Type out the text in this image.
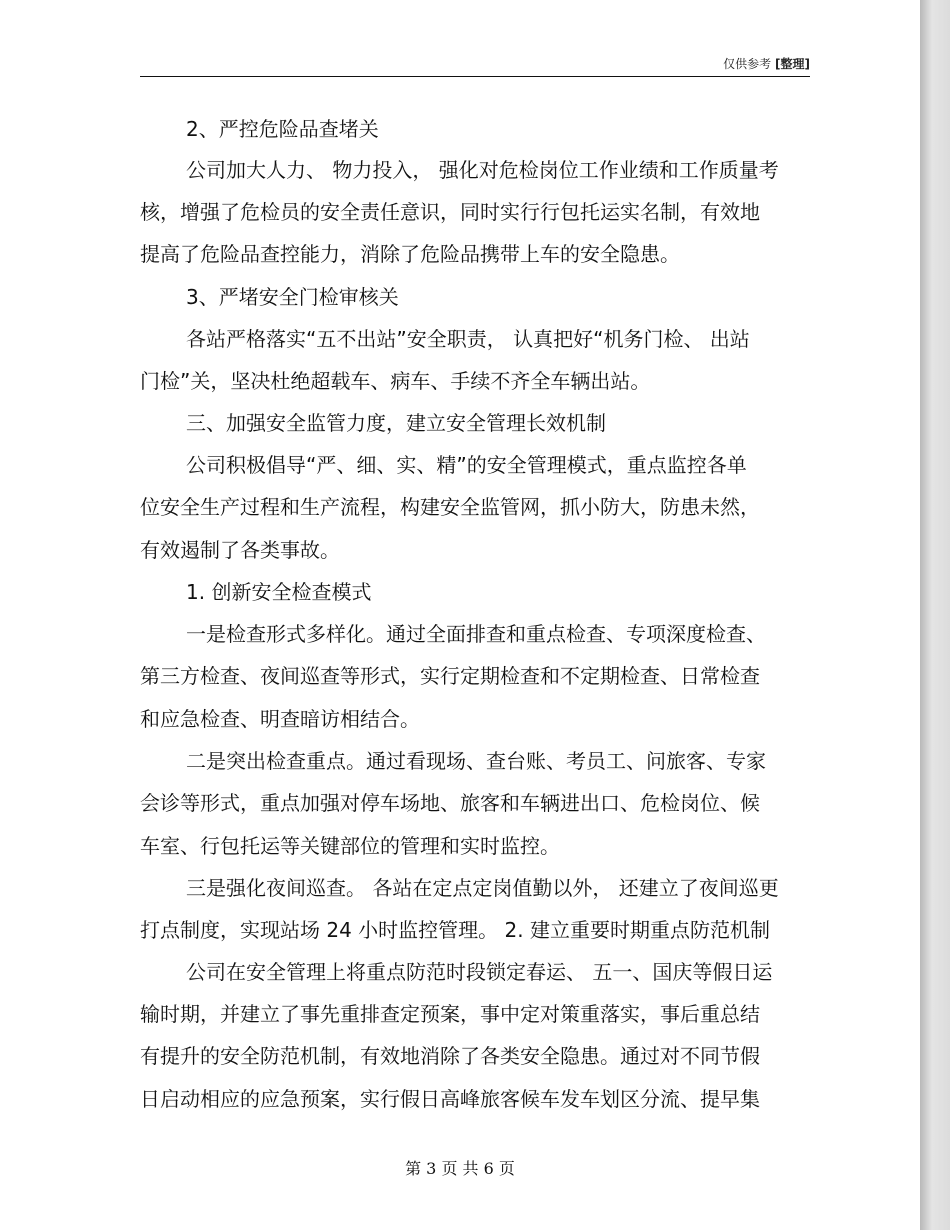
仅供参考 [整理]
2、严控危险品查堵关
公司加大人力、 物力投入， 强化对危检岗位工作业绩和工作质量考
核，增强了危检员的安全责任意识，同时实行行包托运实名制，有效地
提高了危险品查控能力，消除了危险品携带上车的安全隐患。
3、严堵安全门检审核关
各站严格落实“五不出站”安全职责， 认真把好“机务门检、 出站
门检”关，坚决杜绝超载车、病车、手续不齐全车辆出站。
三、加强安全监管力度，建立安全管理长效机制
公司积极倡导“严、细、实、精”的安全管理模式，重点监控各单
位安全生产过程和生产流程，构建安全监管网，抓小防大，防患未然，
有效遏制了各类事故。
1. 创新安全检查模式
一是检查形式多样化。通过全面排查和重点检查、专项深度检查、
第三方检查、夜间巡查等形式，实行定期检查和不定期检查、日常检查
和应急检查、明查暗访相结合。
二是突出检查重点。通过看现场、查台账、考员工、问旅客、专家
会诊等形式，重点加强对停车场地、旅客和车辆进出口、危检岗位、候
车室、行包托运等关键部位的管理和实时监控。
三是强化夜间巡查。 各站在定点定岗值勤以外， 还建立了夜间巡更
打点制度，实现站场 24 小时监控管理。 2. 建立重要时期重点防范机制
公司在安全管理上将重点防范时段锁定春运、 五一、国庆等假日运
输时期，并建立了事先重排查定预案，事中定对策重落实，事后重总结
有提升的安全防范机制，有效地消除了各类安全隐患。通过对不同节假
日启动相应的应急预案，实行假日高峰旅客候车发车划区分流、提早集
第 3 页 共 6 页
